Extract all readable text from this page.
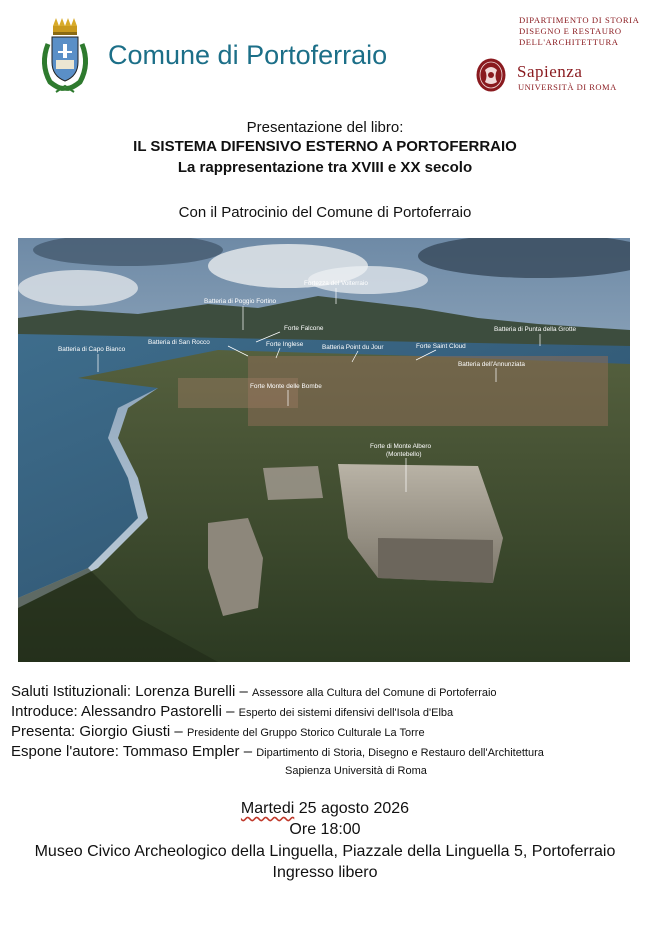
Comune di Portoferraio
DIPARTIMENTO DI STORIA
DISEGNO E RESTAURO
DELL'ARCHITETTURA
Sapienza
UNIVERSITÀ DI ROMA
Presentazione del libro:
IL SISTEMA DIFENSIVO ESTERNO A PORTOFERRAIO
La rappresentazione tra XVIII e XX secolo
Con il Patrocinio del Comune di Portoferraio
Fortezza del Volterraio
Batteria di Poggio Fortino
Forte Falcone	Batteria di Punta della Grotte
Batteria di Capo Bianco
Batteria di San Rocco	Forte Inglese	Batteria Point du Jour	Forte Saint Cloud
Batteria dell'Annunziata
Forte Monte delle Bombe
Forte di Monte Albero
(Montebello)
Saluti Istituzionali: Lorenza Burelli – Assessore alla Cultura del Comune di Portoferraio
Introduce: Alessandro Pastorelli – Esperto dei sistemi difensivi dell'Isola d'Elba
Presenta: Giorgio Giusti – Presidente del Gruppo Storico Culturale La Torre
Espone l'autore: Tommaso Empler – Dipartimento di Storia, Disegno e Restauro dell'Architettura
Sapienza Università di Roma
Martedi 25 agosto 2026
Ore 18:00
Museo Civico Archeologico della Linguella, Piazzale della Linguella 5, Portoferraio
Ingresso libero
